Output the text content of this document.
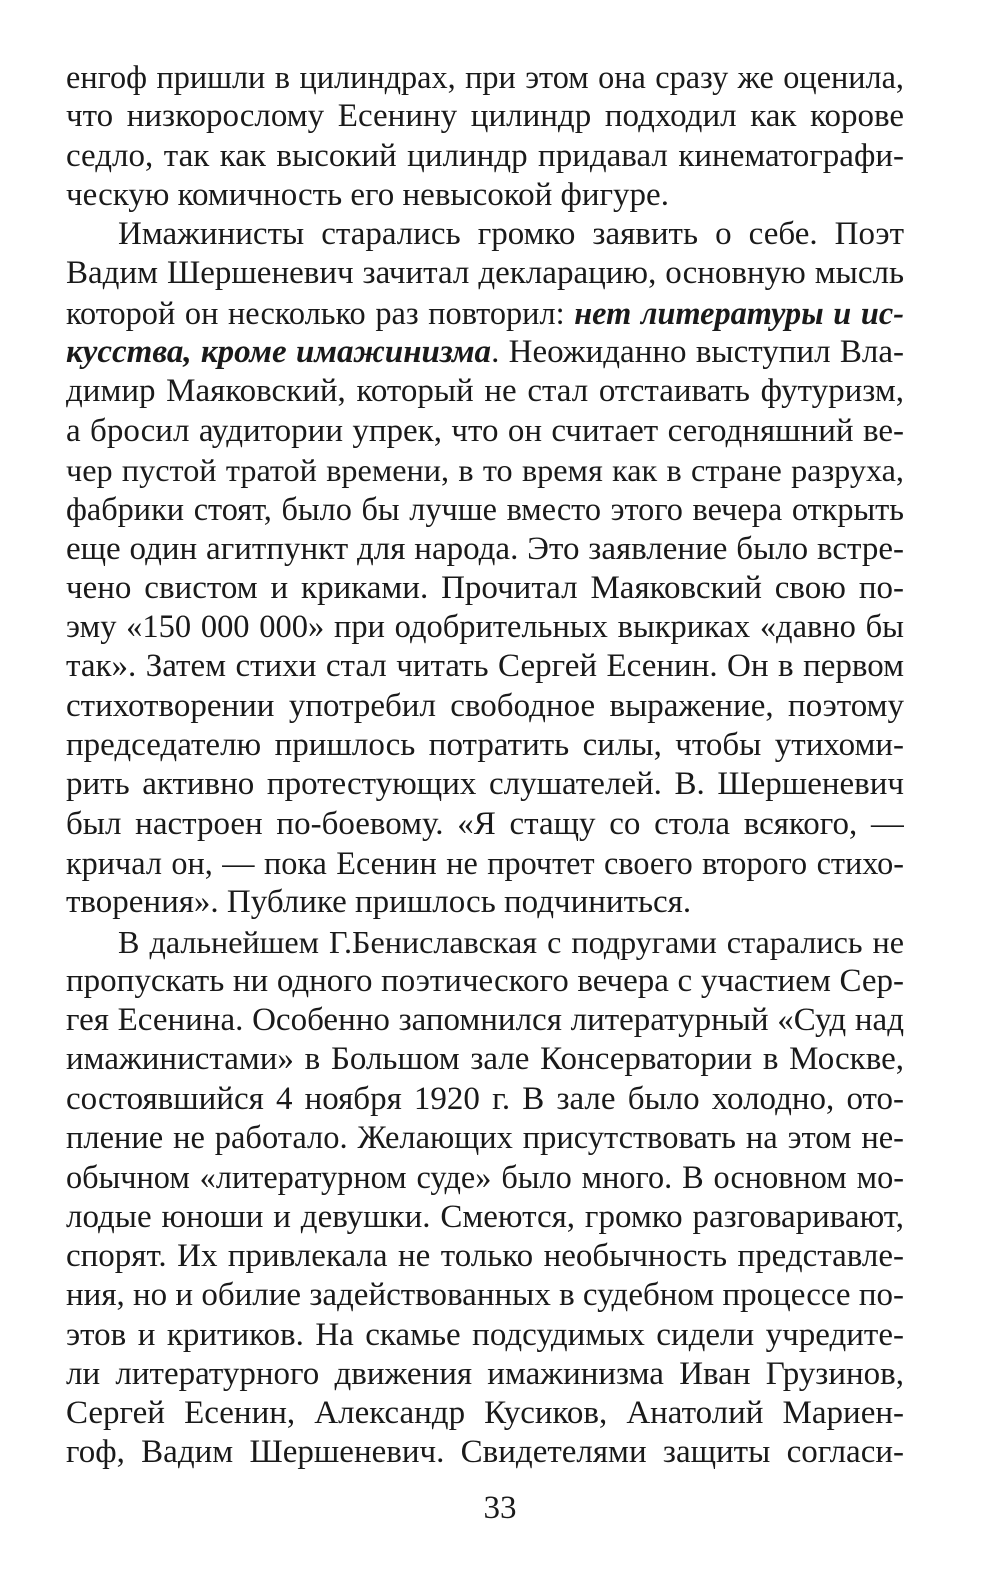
енгоф пришли в цилиндрах, при этом она сразу же оценила,
что низкорослому Есенину цилиндр подходил как корове
седло, так как высокий цилиндр придавал кинематографи-
ческую комичность его невысокой фигуре.
Имажинисты старались громко заявить о себе. Поэт
Вадим Шершеневич зачитал декларацию, основную мысль
которой он несколько раз повторил: нет литературы и ис-
кусства, кроме имажинизма. Неожиданно выступил Вла-
димир Маяковский, который не стал отстаивать футуризм,
а бросил аудитории упрек, что он считает сегодняшний ве-
чер пустой тратой времени, в то время как в стране разруха,
фабрики стоят, было бы лучше вместо этого вечера открыть
еще один агитпункт для народа. Это заявление было встре-
чено свистом и криками. Прочитал Маяковский свою по-
эму «150 000 000» при одобрительных выкриках «давно бы
так». Затем стихи стал читать Сергей Есенин. Он в первом
стихотворении употребил свободное выражение, поэтому
председателю пришлось потратить силы, чтобы утихоми-
рить активно протестующих слушателей. В. Шершеневич
был настроен по-боевому. «Я стащу со стола всякого, —
кричал он, — пока Есенин не прочтет своего второго стихо-
творения». Публике пришлось подчиниться.
В дальнейшем Г.Бениславская с подругами старались не
пропускать ни одного поэтического вечера с участием Сер-
гея Есенина. Особенно запомнился литературный «Суд над
имажинистами» в Большом зале Консерватории в Москве,
состоявшийся 4 ноября 1920 г. В зале было холодно, ото-
пление не работало. Желающих присутствовать на этом не-
обычном «литературном суде» было много. В основном мо-
лодые юноши и девушки. Смеются, громко разговаривают,
спорят. Их привлекала не только необычность представле-
ния, но и обилие задействованных в судебном процессе по-
этов и критиков. На скамье подсудимых сидели учредите-
ли литературного движения имажинизма Иван Грузинов,
Сергей Есенин, Александр Кусиков, Анатолий Мариен-
гоф, Вадим Шершеневич. Свидетелями защиты согласи-
33
